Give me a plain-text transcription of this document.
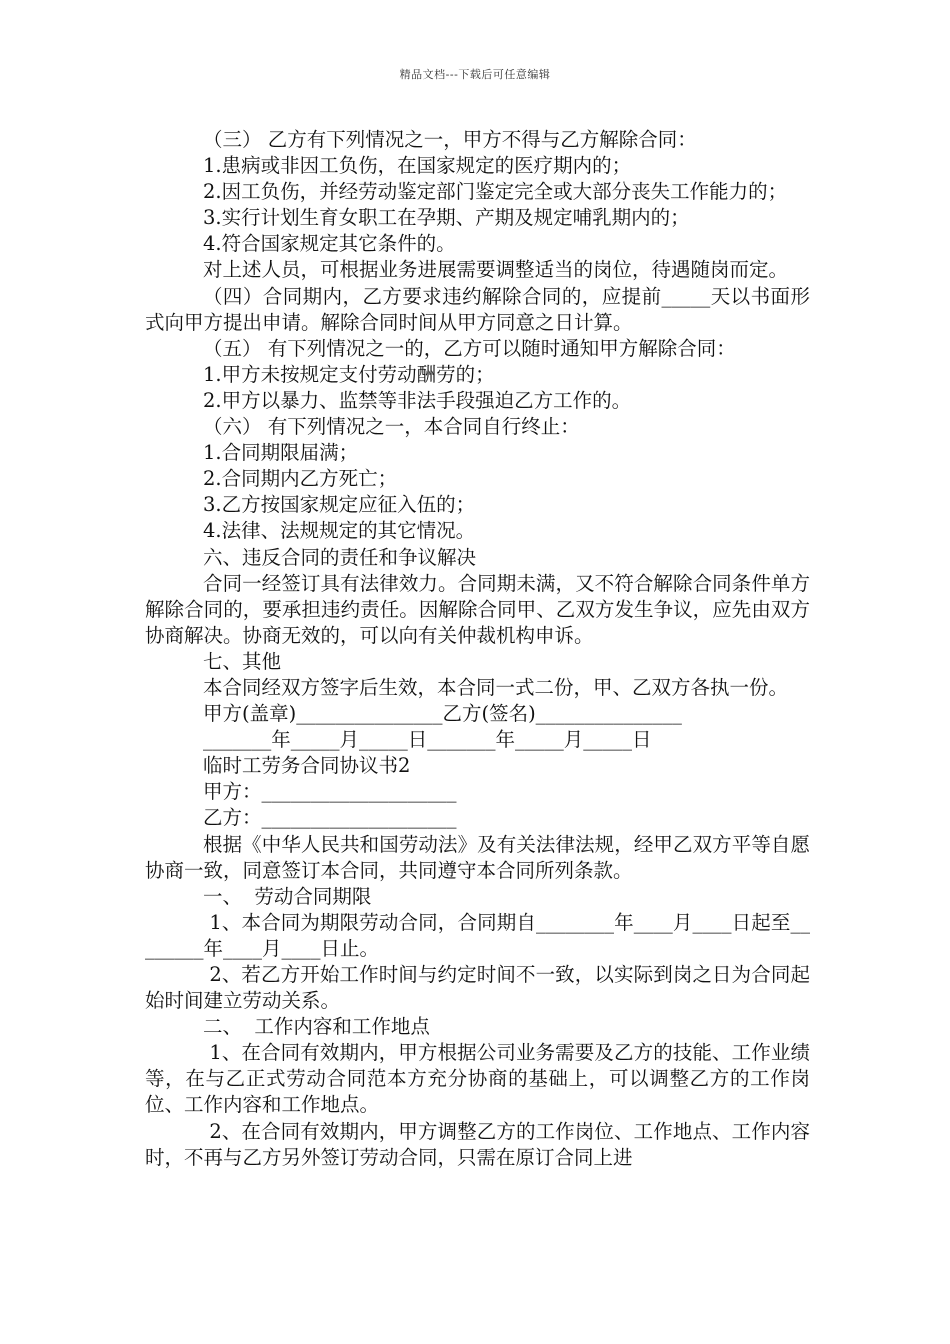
精品文档---下载后可任意编辑

（三） 乙方有下列情况之一，甲方不得与乙方解除合同：

1.患病或非因工负伤，在国家规定的医疗期内的；

2.因工负伤，并经劳动鉴定部门鉴定完全或大部分丧失工作能力的；

3.实行计划生育女职工在孕期、产期及规定哺乳期内的；

4.符合国家规定其它条件的。

对上述人员，可根据业务进展需要调整适当的岗位，待遇随岗而定。

（四）合同期内，乙方要求违约解除合同的，应提前_____天以书面形式向甲方提出申请。解除合同时间从甲方同意之日计算。

（五） 有下列情况之一的，乙方可以随时通知甲方解除合同：

1.甲方未按规定支付劳动酬劳的；

2.甲方以暴力、监禁等非法手段强迫乙方工作的。

（六） 有下列情况之一，本合同自行终止：

1.合同期限届满；

2.合同期内乙方死亡；

3.乙方按国家规定应征入伍的；

4.法律、法规规定的其它情况。

六、违反合同的责任和争议解决

合同一经签订具有法律效力。合同期未满，又不符合解除合同条件单方解除合同的，要承担违约责任。因解除合同甲、乙双方发生争议，应先由双方协商解决。协商无效的，可以向有关仲裁机构申诉。

七、其他

本合同经双方签字后生效，本合同一式二份，甲、乙双方各执一份。

甲方(盖章)_______________乙方(签名)_______________

_______年_____月_____日_______年_____月_____日

临时工劳务合同协议书2

甲方：____________________

乙方：____________________

根据《中华人民共和国劳动法》及有关法律法规，经甲乙双方平等自愿协商一致，同意签订本合同，共同遵守本合同所列条款。

一、  劳动合同期限

1、本合同为期限劳动合同，合同期自________年____月____日起至________年____月____日止。

2、若乙方开始工作时间与约定时间不一致，以实际到岗之日为合同起始时间建立劳动关系。

二、  工作内容和工作地点

1、在合同有效期内，甲方根据公司业务需要及乙方的技能、工作业绩等，在与乙正式劳动合同范本方充分协商的基础上，可以调整乙方的工作岗位、工作内容和工作地点。

2、在合同有效期内，甲方调整乙方的工作岗位、工作地点、工作内容时，不再与乙方另外签订劳动合同，只需在原订合同上进
